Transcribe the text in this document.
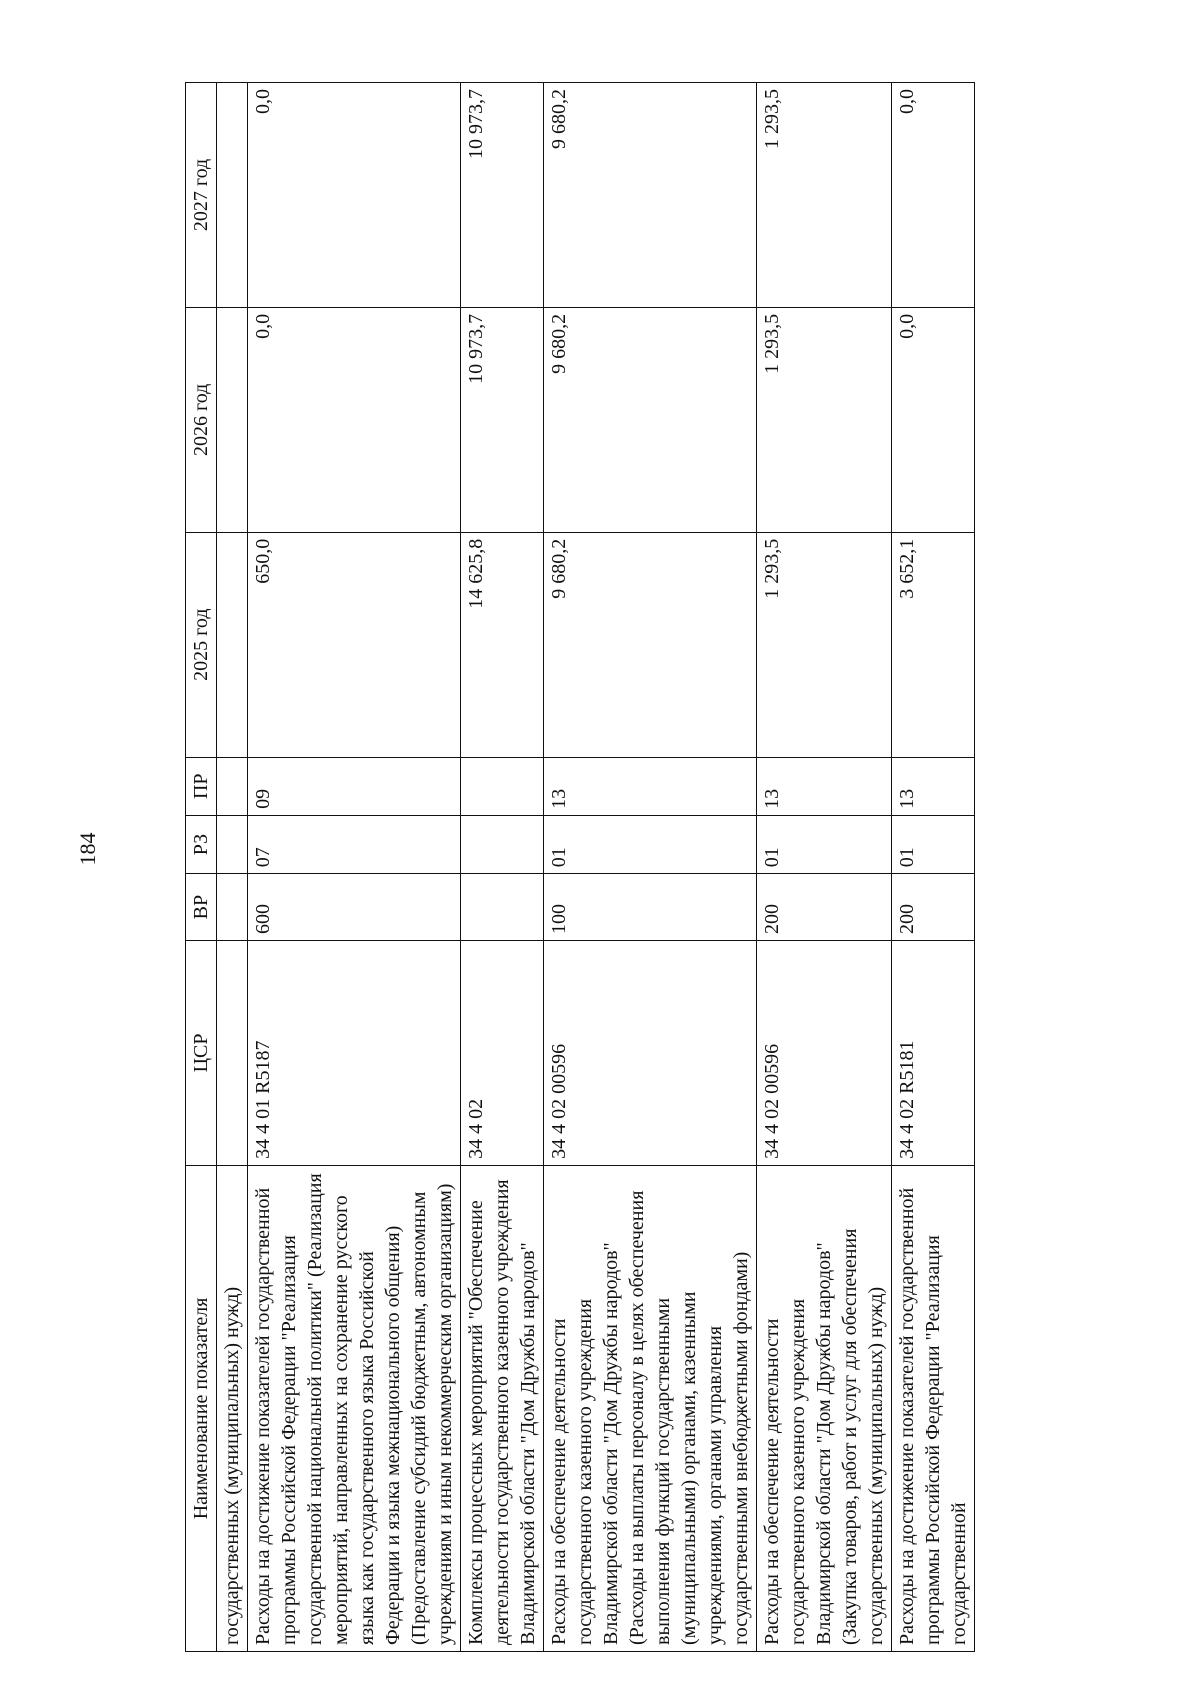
184
Наименование показателя	ЦСР	ВР	РЗ	ПР	2025 год	2026 год	2027 год
государственных (муниципальных) нужд)							
Расходы на достижение показателей государственной программы Российской Федерации "Реализация государственной национальной политики" (Реализация мероприятий, направленных на сохранение русского языка как государственного языка Российской Федерации и языка межнационального общения) (Предоставление субсидий бюджетным, автономным учреждениям и иным некоммерческим организациям)	34 4 01 R5187	600	07	09	650,0	0,0	0,0
Комплексы процессных мероприятий "Обеспечение деятельности государственного казенного учреждения Владимирской области "Дом Дружбы народов"	34 4 02				14 625,8	10 973,7	10 973,7
Расходы на обеспечение деятельности государственного казенного учреждения Владимирской области "Дом Дружбы народов" (Расходы на выплаты персоналу в целях обеспечения выполнения функций государственными (муниципальными) органами, казенными учреждениями, органами управления государственными внебюджетными фондами)	34 4 02 00596	100	01	13	9 680,2	9 680,2	9 680,2
Расходы на обеспечение деятельности государственного казенного учреждения Владимирской области "Дом Дружбы народов" (Закупка товаров, работ и услуг для обеспечения государственных (муниципальных) нужд)	34 4 02 00596	200	01	13	1 293,5	1 293,5	1 293,5
Расходы на достижение показателей государственной программы Российской Федерации "Реализация государственной	34 4 02 R5181	200	01	13	3 652,1	0,0	0,0
